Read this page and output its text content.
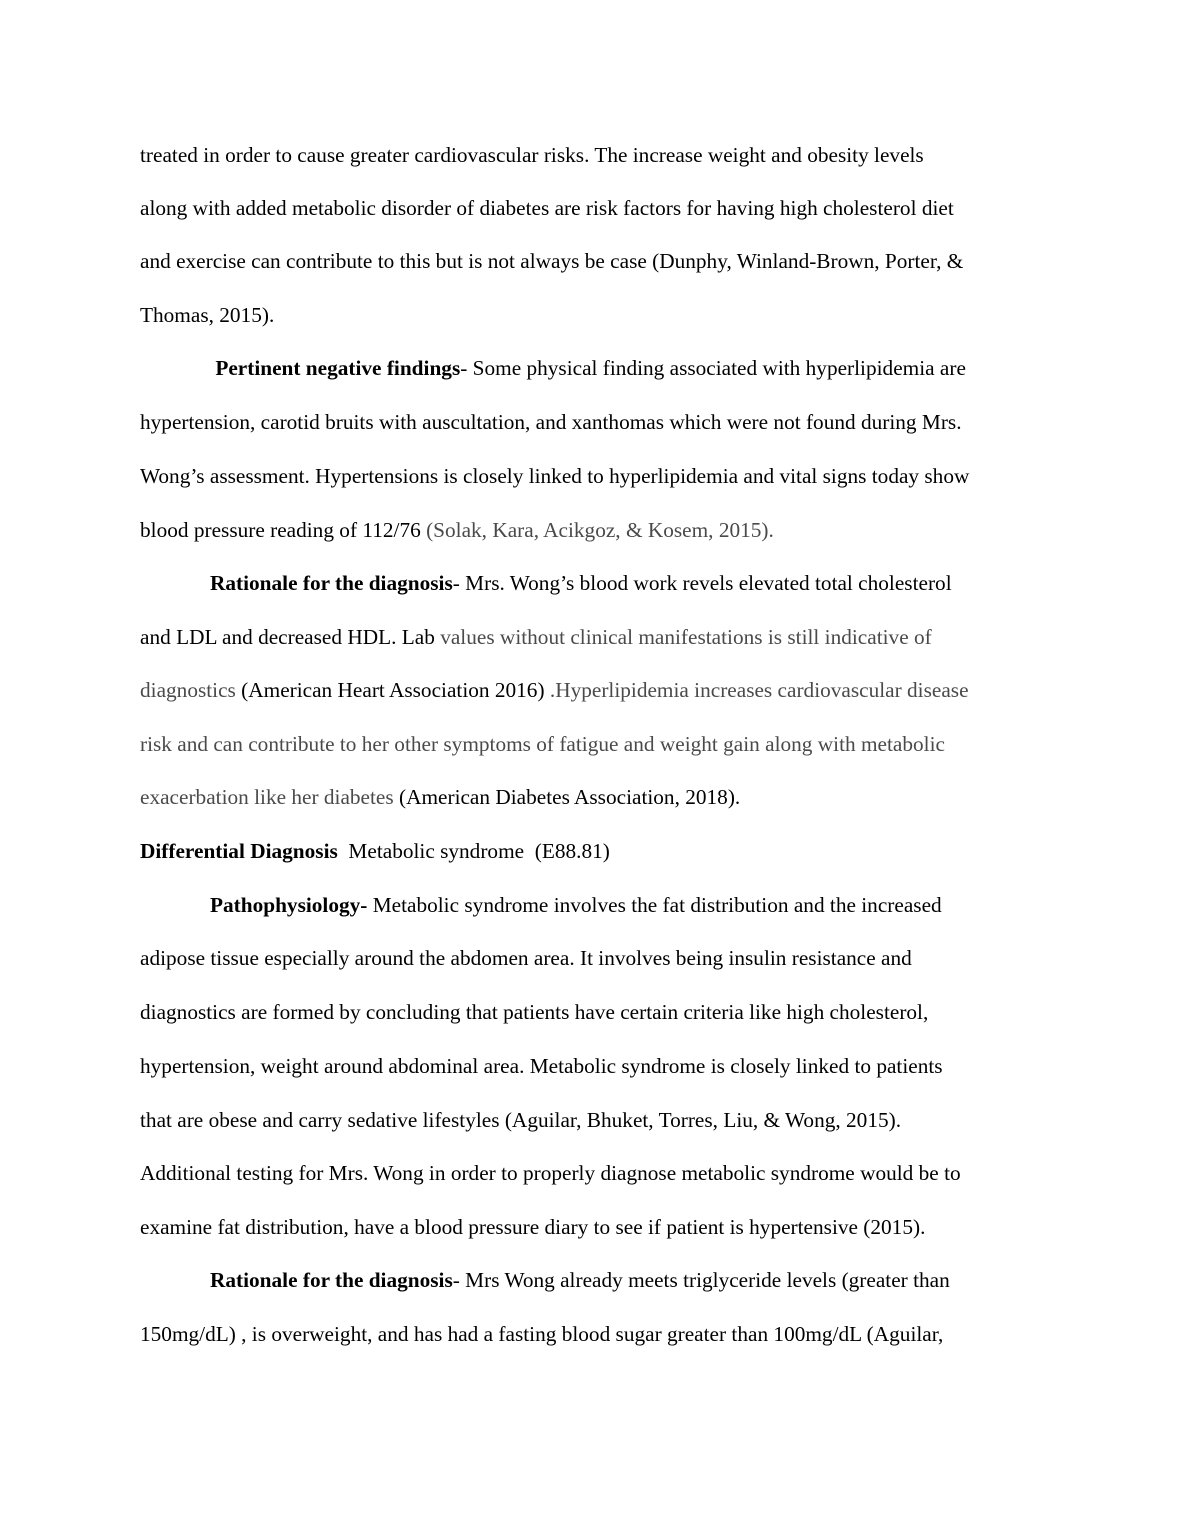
treated in order to cause greater cardiovascular risks. The increase weight and obesity levels
along with added metabolic disorder of diabetes are risk factors for having high cholesterol diet
and exercise can contribute to this but is not always be case (Dunphy, Winland-Brown, Porter, &
Thomas, 2015).
Pertinent negative findings- Some physical finding associated with hyperlipidemia are
hypertension, carotid bruits with auscultation, and xanthomas which were not found during Mrs.
Wong’s assessment. Hypertensions is closely linked to hyperlipidemia and vital signs today show
blood pressure reading of 112/76 (Solak, Kara, Acikgoz, & Kosem, 2015).
Rationale for the diagnosis- Mrs. Wong’s blood work revels elevated total cholesterol
and LDL and decreased HDL. Lab values without clinical manifestations is still indicative of
diagnostics (American Heart Association 2016) .Hyperlipidemia increases cardiovascular disease
risk and can contribute to her other symptoms of fatigue and weight gain along with metabolic
exacerbation like her diabetes (American Diabetes Association, 2018).
Differential Diagnosis  Metabolic syndrome  (E88.81)
Pathophysiology- Metabolic syndrome involves the fat distribution and the increased
adipose tissue especially around the abdomen area. It involves being insulin resistance and
diagnostics are formed by concluding that patients have certain criteria like high cholesterol,
hypertension, weight around abdominal area. Metabolic syndrome is closely linked to patients
that are obese and carry sedative lifestyles (Aguilar, Bhuket, Torres, Liu, & Wong, 2015).
Additional testing for Mrs. Wong in order to properly diagnose metabolic syndrome would be to
examine fat distribution, have a blood pressure diary to see if patient is hypertensive (2015).
Rationale for the diagnosis- Mrs Wong already meets triglyceride levels (greater than
150mg/dL) , is overweight, and has had a fasting blood sugar greater than 100mg/dL (Aguilar,
